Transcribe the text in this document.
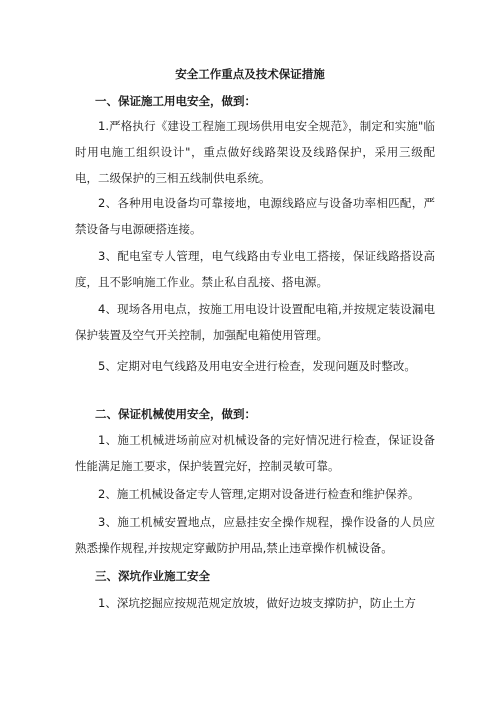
安全工作重点及技术保证措施
一、保证施工用电安全，做到：
1.严格执行《建设工程施工现场供用电安全规范》，制定和实施"临时用电施工组织设计"，重点做好线路架设及线路保护，采用三级配电，二级保护的三相五线制供电系统。
2、各种用电设备均可靠接地，电源线路应与设备功率相匹配，严禁设备与电源硬搭连接。
3、配电室专人管理，电气线路由专业电工搭接，保证线路搭设高度，且不影响施工作业。禁止私自乱接、搭电源。
4、现场各用电点，按施工用电设计设置配电箱,并按规定装设漏电保护装置及空气开关控制，加强配电箱使用管理。
5、定期对电气线路及用电安全进行检查，发现问题及时整改。
二、保证机械使用安全，做到：
1、施工机械进场前应对机械设备的完好情况进行检查，保证设备性能满足施工要求，保护装置完好，控制灵敏可靠。
2、施工机械设备定专人管理,定期对设备进行检查和维护保养。
3、施工机械安置地点，应悬挂安全操作规程，操作设备的人员应熟悉操作规程,并按规定穿戴防护用品,禁止违章操作机械设备。
三、深坑作业施工安全
1、深坑挖掘应按规范规定放坡，做好边坡支撑防护，防止土方
